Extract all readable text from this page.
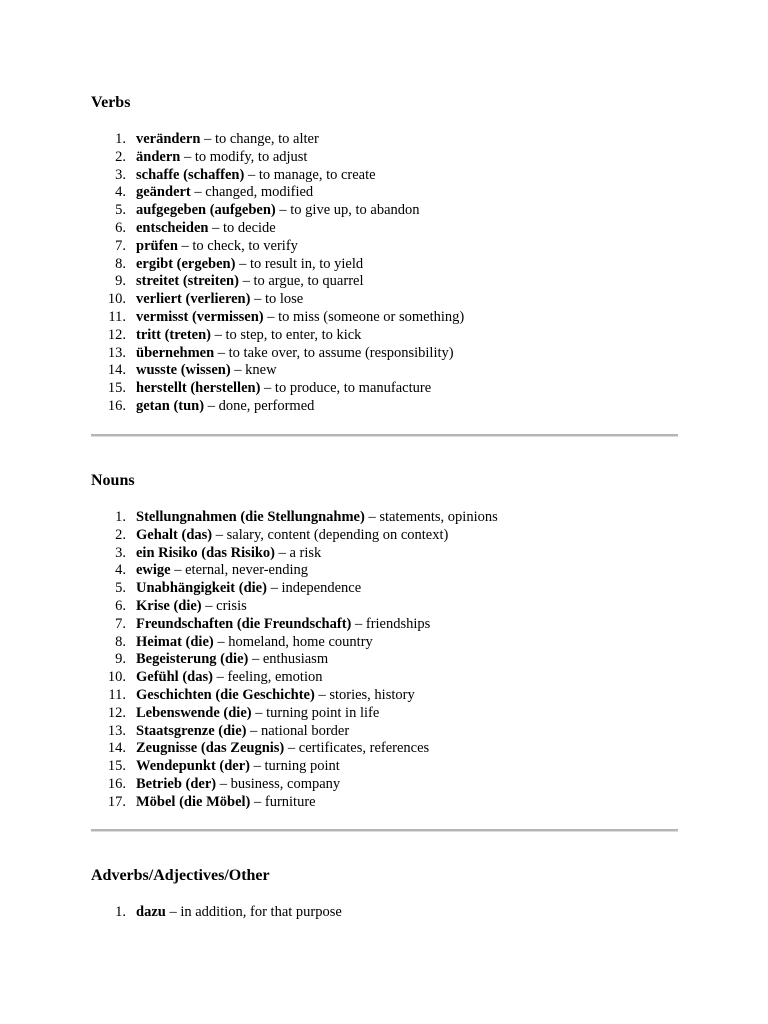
Verbs
1. verändern – to change, to alter
2. ändern – to modify, to adjust
3. schaffe (schaffen) – to manage, to create
4. geändert – changed, modified
5. aufgegeben (aufgeben) – to give up, to abandon
6. entscheiden – to decide
7. prüfen – to check, to verify
8. ergibt (ergeben) – to result in, to yield
9. streitet (streiten) – to argue, to quarrel
10. verliert (verlieren) – to lose
11. vermisst (vermissen) – to miss (someone or something)
12. tritt (treten) – to step, to enter, to kick
13. übernehmen – to take over, to assume (responsibility)
14. wusste (wissen) – knew
15. herstellt (herstellen) – to produce, to manufacture
16. getan (tun) – done, performed
Nouns
1. Stellungnahmen (die Stellungnahme) – statements, opinions
2. Gehalt (das) – salary, content (depending on context)
3. ein Risiko (das Risiko) – a risk
4. ewige – eternal, never-ending
5. Unabhängigkeit (die) – independence
6. Krise (die) – crisis
7. Freundschaften (die Freundschaft) – friendships
8. Heimat (die) – homeland, home country
9. Begeisterung (die) – enthusiasm
10. Gefühl (das) – feeling, emotion
11. Geschichten (die Geschichte) – stories, history
12. Lebenswende (die) – turning point in life
13. Staatsgrenze (die) – national border
14. Zeugnisse (das Zeugnis) – certificates, references
15. Wendepunkt (der) – turning point
16. Betrieb (der) – business, company
17. Möbel (die Möbel) – furniture
Adverbs/Adjectives/Other
1. dazu – in addition, for that purpose
